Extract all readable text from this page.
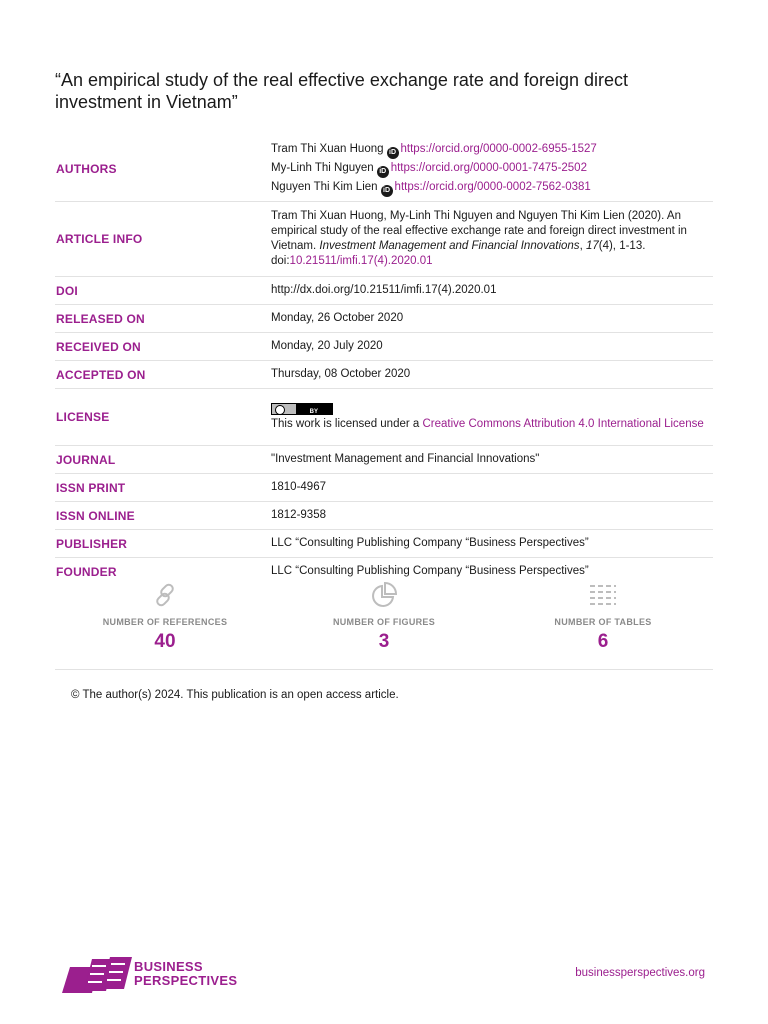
“An empirical study of the real effective exchange rate and foreign direct investment in Vietnam”
AUTHORS	Tram Thi Xuan Huong iD https://orcid.org/0000-0002-6955-1527
My-Linh Thi Nguyen iD https://orcid.org/0000-0001-7475-2502
Nguyen Thi Kim Lien iD https://orcid.org/0000-0002-7562-0381

ARTICLE INFO	Tram Thi Xuan Huong, My-Linh Thi Nguyen and Nguyen Thi Kim Lien (2020). An empirical study of the real effective exchange rate and foreign direct investment in Vietnam. Investment Management and Financial Innovations, 17(4), 1-13.
doi:10.21511/imfi.17(4).2020.01
DOI	http://dx.doi.org/10.21511/imfi.17(4).2020.01
RELEASED ON	Monday, 26 October 2020
RECEIVED ON	Monday, 20 July 2020
ACCEPTED ON	Thursday, 08 October 2020
LICENSE	BY

This work is licensed under a Creative Commons Attribution 4.0 International License
JOURNAL	"Investment Management and Financial Innovations"
ISSN PRINT	1810-4967
ISSN ONLINE	1812-9358
PUBLISHER	LLC “Consulting Publishing Company “Business Perspectives”
FOUNDER	LLC “Consulting Publishing Company “Business Perspectives”
NUMBER OF REFERENCES
40
NUMBER OF FIGURES
3
NUMBER OF TABLES
6
© The author(s) 2024. This publication is an open access article.
BUSINESS
PERSPECTIVES	businessperspectives.org
